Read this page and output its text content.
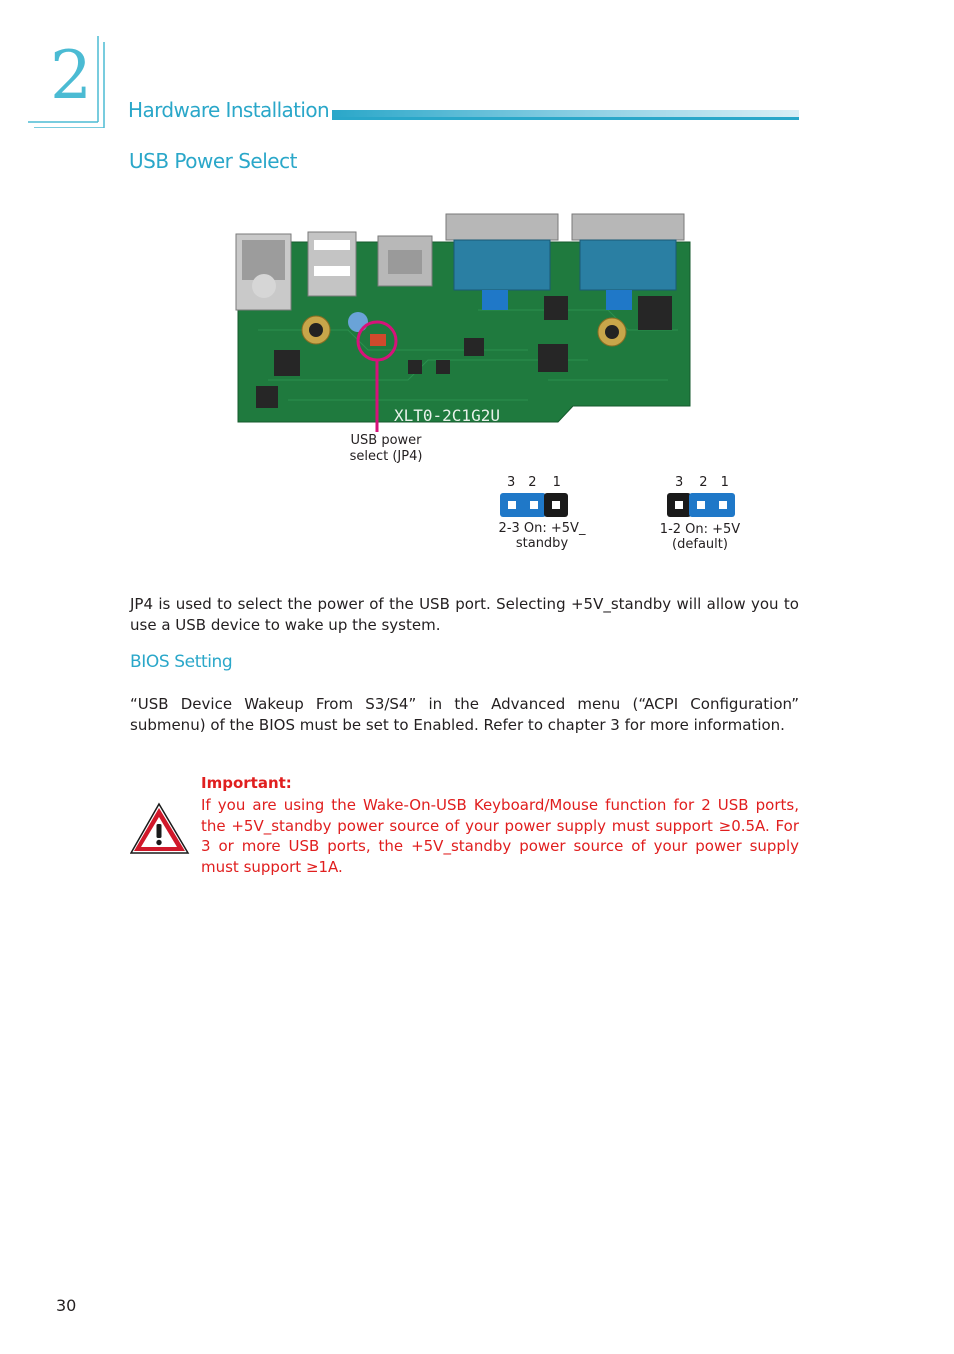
2 Hardware Installation
USB Power Select
XLT0-2C1G2U
USB power
select (JP4)
3 2 1
2-3 On: +5V_
standby
3 2 1
1-2 On: +5V
(default)
JP4 is used to select the power of the USB port. Selecting +5V_standby will allow you to use a USB device to wake up the system.
BIOS Setting
“USB Device Wakeup From S3/S4” in the Advanced menu (“ACPI Configuration” submenu) of the BIOS must be set to Enabled. Refer to chapter 3 for more information.
Important:
If you are using the Wake-On-USB Keyboard/Mouse function for 2 USB ports, the +5V_standby power source of your power supply must support ≥0.5A. For 3 or more USB ports, the +5V_standby power source of your power supply must support ≥1A.
30
